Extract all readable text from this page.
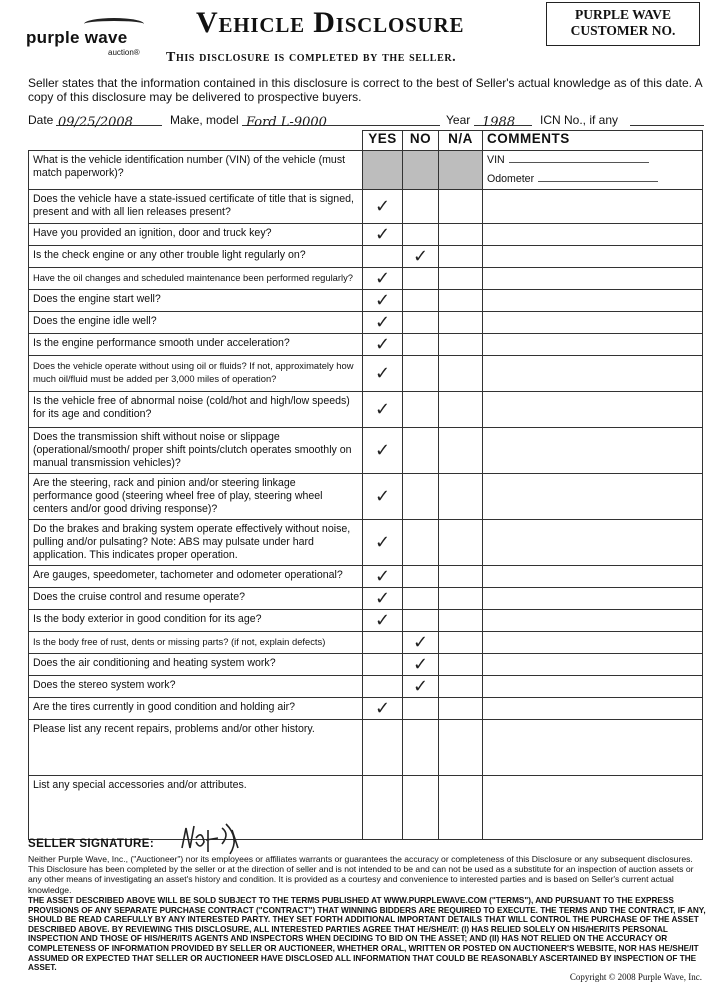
purple wave
auction®
Vehicle Disclosure
This disclosure is completed by the seller.
PURPLE WAVE
CUSTOMER NO.
Seller states that the information contained in this disclosure is correct to the best of Seller's actual knowledge as of this date. A copy of this disclosure may be delivered to prospective buyers.
Date 09/25/2008	Make, model Ford L-9000	Year 1988 ICN No., if any
	YES	NO	N/A	COMMENTS
What is the vehicle identification number (VIN) of the vehicle (must match paperwork)?				VIN
Odometer

Does the vehicle have a state-issued certificate of title that is signed, present and with all lien releases present?	✓			
Have you provided an ignition, door and truck key?	✓			
Is the check engine or any other trouble light regularly on?		✓		
Have the oil changes and scheduled maintenance been performed regularly?	✓			
Does the engine start well?	✓			
Does the engine idle well?	✓			
Is the engine performance smooth under acceleration?	✓			
Does the vehicle operate without using oil or fluids? If not, approximately how much oil/fluid must be added per 3,000 miles of operation?	✓			
Is the vehicle free of abnormal noise (cold/hot and high/low speeds) for its age and condition?	✓			
Does the transmission shift without noise or slippage (operational/smooth/ proper shift points/clutch operates smoothly on manual transmission vehicles)?	✓			
Are the steering, rack and pinion and/or steering linkage performance good (steering wheel free of play, steering wheel centers and/or good driving response)?	✓			
Do the brakes and braking system operate effectively without noise, pulling and/or pulsating? Note: ABS may pulsate under hard application. This indicates proper operation.	✓			
Are gauges, speedometer, tachometer and odometer operational?	✓			
Does the cruise control and resume operate?	✓			
Is the body exterior in good condition for its age?	✓			
Is the body free of rust, dents or missing parts? (if not, explain defects)		✓		
Does the air conditioning and heating system work?		✓		
Does the stereo system work?		✓		
Are the tires currently in good condition and holding air?	✓			
Please list any recent repairs, problems and/or other history.				
List any special accessories and/or attributes.				
SELLER SIGNATURE:
Neither Purple Wave, Inc., ("Auctioneer") nor its employees or affiliates warrants or guarantees the accuracy or completeness of this Disclosure or any subsequent disclosures. This Disclosure has been completed by the seller or at the direction of seller and is not intended to be and can not be used as a substitute for an inspection of auction assets or any other means of investigating an asset's history and condition. It is provided as a courtesy and convenience to interested parties and is based on Seller's current actual knowledge.
THE ASSET DESCRIBED ABOVE WILL BE SOLD SUBJECT TO THE TERMS PUBLISHED AT WWW.PURPLEWAVE.COM ("TERMS"), AND PURSUANT TO THE EXPRESS PROVISIONS OF ANY SEPARATE PURCHASE CONTRACT ("CONTRACT") THAT WINNING BIDDERS ARE REQUIRED TO EXECUTE. THE TERMS AND THE CONTRACT, IF ANY, SHOULD BE READ CAREFULLY BY ANY INTERESTED PARTY. THEY SET FORTH ADDITIONAL IMPORTANT DETAILS THAT WILL CONTROL THE PURCHASE OF THE ASSET DESCRIBED ABOVE. BY REVIEWING THIS DISCLOSURE, ALL INTERESTED PARTIES AGREE THAT HE/SHE/IT: (I) HAS RELIED SOLELY ON HIS/HER/ITS PERSONAL INSPECTION AND THOSE OF HIS/HER/ITS AGENTS AND INSPECTORS WHEN DECIDING TO BID ON THE ASSET; AND (II) HAS NOT RELIED ON THE ACCURACY OR COMPLETENESS OF INFORMATION PROVIDED BY SELLER OR AUCTIONEER, WHETHER ORAL, WRITTEN OR POSTED ON AUCTIONEER'S WEBSITE, NOR HAS HE/SHE/IT ASSUMED OR EXPECTED THAT SELLER OR AUCTIONEER HAVE DISCLOSED ALL INFORMATION THAT COULD BE REASONABLY ASCERTAINED BY INSPECTION OF THE ASSET.
Copyright © 2008 Purple Wave, Inc.
